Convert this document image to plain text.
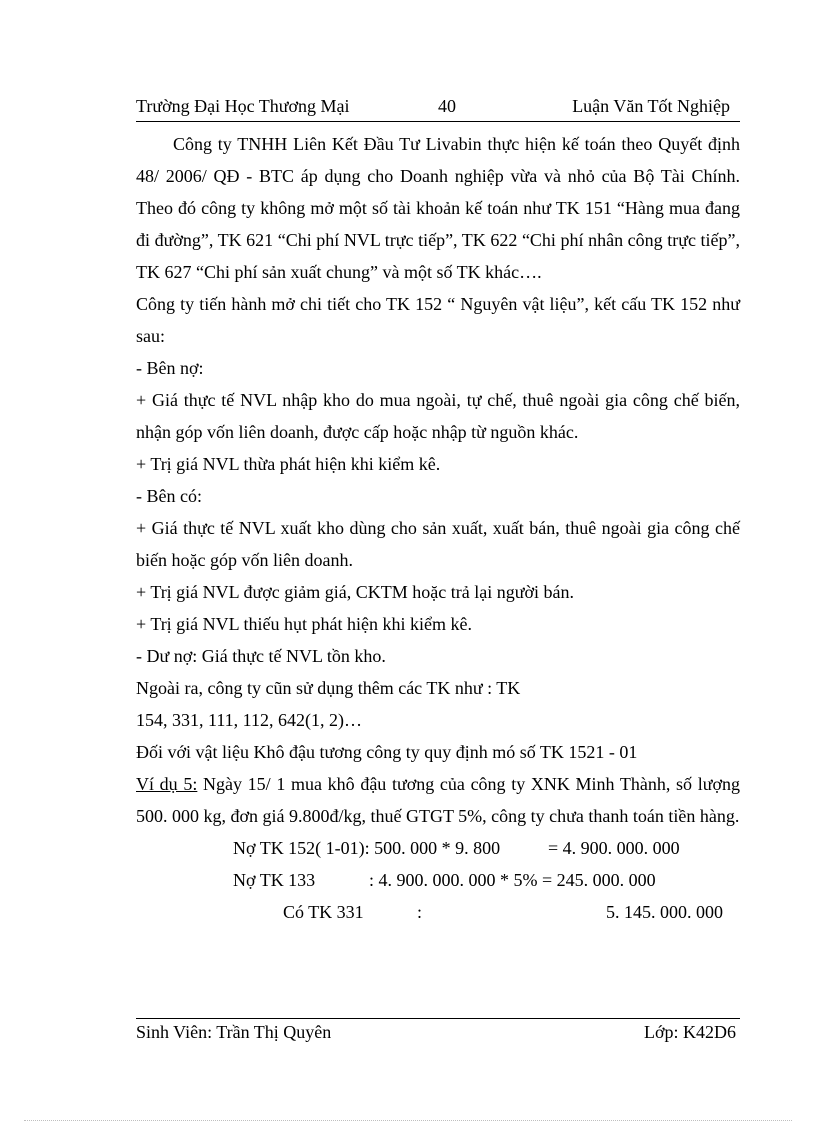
Trường Đại Học Thương Mại	40	Luận Văn Tốt Nghiệp

Công ty TNHH Liên Kết Đầu Tư Livabin thực hiện kế toán theo Quyết định 48/ 2006/ QĐ - BTC áp dụng cho Doanh nghiệp vừa và nhỏ của Bộ Tài Chính. Theo đó công ty không mở một số tài khoản kế toán như TK 151 “Hàng mua đang đi đường”, TK 621 “Chi phí NVL trực tiếp”, TK 622 “Chi phí nhân công trực tiếp”, TK 627 “Chi phí sản xuất chung” và một số TK khác….

Công ty tiến hành mở chi tiết cho TK 152 “ Nguyên vật liệu”, kết cấu TK 152 như sau:

- Bên nợ:

+ Giá thực tế NVL nhập kho do mua ngoài, tự chế, thuê ngoài gia công chế biến, nhận góp vốn liên doanh, được cấp hoặc nhập từ nguồn khác.

+ Trị giá NVL thừa phát hiện khi kiểm kê.

- Bên có:

+ Giá thực tế NVL xuất kho dùng cho sản xuất, xuất bán, thuê ngoài gia công chế biến hoặc góp vốn liên doanh.

+ Trị giá NVL được giảm giá, CKTM hoặc trả lại người bán.

+ Trị giá NVL thiếu hụt phát hiện khi kiểm kê.

- Dư nợ: Giá thực tế NVL tồn kho.

Ngoài ra, công ty cũn sử dụng thêm các TK như : TK

154, 331, 111, 112, 642(1, 2)…

Đối với vật liệu Khô đậu tương công ty quy định mó số TK 1521 - 01

Ví dụ 5: Ngày 15/ 1 mua khô đậu tương của công ty XNK Minh Thành, số lượng 500. 000 kg, đơn giá 9.800đ/kg, thuế GTGT 5%, công ty chưa thanh toán tiền hàng.

Nợ TK 152( 1-01): 500. 000 * 9. 800	= 4. 900. 000. 000
Nợ TK 133	: 4. 900. 000. 000 * 5% = 245. 000. 000
Có TK 331	:	5. 145. 000. 000
Sinh Viên: Trần Thị Quyên	Lớp: K42D6
